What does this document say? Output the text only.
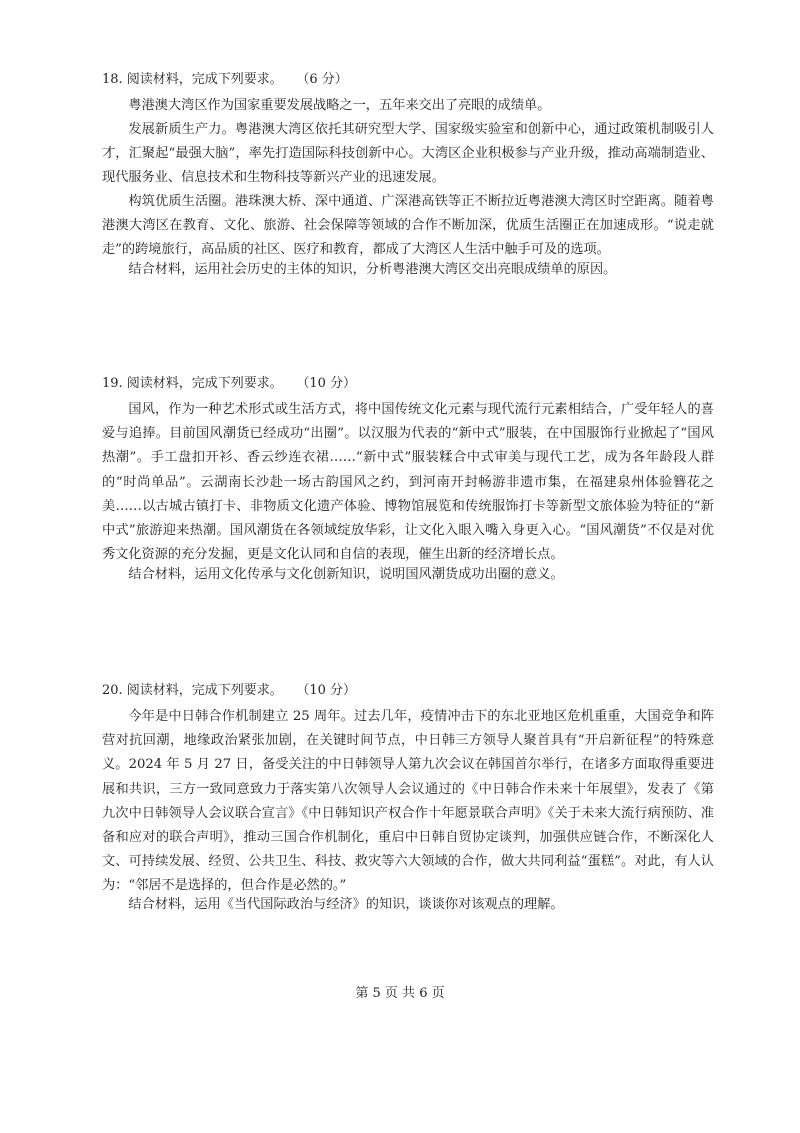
18. 阅读材料，完成下列要求。 （6 分）

粤港澳大湾区作为国家重要发展战略之一，五年来交出了亮眼的成绩单。

发展新质生产力。粤港澳大湾区依托其研究型大学、国家级实验室和创新中心，通过政策机制吸引人才，汇聚起“最强大脑”，率先打造国际科技创新中心。大湾区企业积极参与产业升级，推动高端制造业、现代服务业、信息技术和生物科技等新兴产业的迅速发展。

构筑优质生活圈。港珠澳大桥、深中通道、广深港高铁等正不断拉近粤港澳大湾区时空距离。随着粤港澳大湾区在教育、文化、旅游、社会保障等领域的合作不断加深，优质生活圈正在加速成形。“说走就走”的跨境旅行，高品质的社区、医疗和教育，都成了大湾区人生活中触手可及的选项。

结合材料，运用社会历史的主体的知识，分析粤港澳大湾区交出亮眼成绩单的原因。

19. 阅读材料，完成下列要求。 （10 分）

国风，作为一种艺术形式或生活方式，将中国传统文化元素与现代流行元素相结合，广受年轻人的喜爱与追捧。目前国风潮货已经成功“出圈”。以汉服为代表的“新中式”服装，在中国服饰行业掀起了“国风热潮”。手工盘扣开衫、香云纱连衣裙……“新中式”服装糅合中式审美与现代工艺，成为各年龄段人群的“时尚单品”。云湖南长沙赴一场古韵国风之约，到河南开封畅游非遗市集，在福建泉州体验簪花之美……以古城古镇打卡、非物质文化遗产体验、博物馆展览和传统服饰打卡等新型文旅体验为特征的“新中式”旅游迎来热潮。国风潮货在各领域绽放华彩，让文化入眼入嘴入身更入心。“国风潮货”不仅是对优秀文化资源的充分发掘，更是文化认同和自信的表现，催生出新的经济增长点。

结合材料，运用文化传承与文化创新知识，说明国风潮货成功出圈的意义。

20. 阅读材料，完成下列要求。 （10 分）

今年是中日韩合作机制建立 25 周年。过去几年，疫情冲击下的东北亚地区危机重重，大国竞争和阵营对抗回潮，地缘政治紧张加剧，在关键时间节点，中日韩三方领导人聚首具有“开启新征程”的特殊意义。2024 年 5 月 27 日，备受关注的中日韩领导人第九次会议在韩国首尔举行，在诸多方面取得重要进展和共识，三方一致同意致力于落实第八次领导人会议通过的《中日韩合作未来十年展望》，发表了《第九次中日韩领导人会议联合宣言》《中日韩知识产权合作十年愿景联合声明》《关于未来大流行病预防、准备和应对的联合声明》，推动三国合作机制化，重启中日韩自贸协定谈判，加强供应链合作，不断深化人文、可持续发展、经贸、公共卫生、科技、救灾等六大领域的合作，做大共同利益“蛋糕”。对此，有人认为：“邻居不是选择的，但合作是必然的。”

结合材料，运用《当代国际政治与经济》的知识，谈谈你对该观点的理解。

第 5 页 共 6 页
